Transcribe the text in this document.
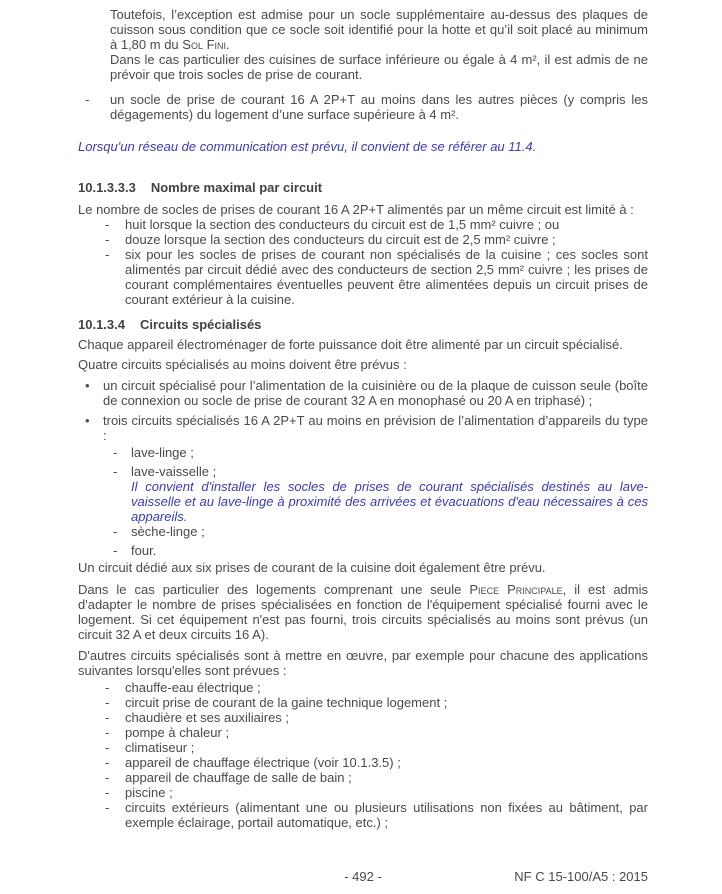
Toutefois, l’exception est admise pour un socle supplémentaire au-dessus des plaques de cuisson sous condition que ce socle soit identifié pour la hotte et qu’il soit placé au minimum à 1,80 m du Sol Fini.

Dans le cas particulier des cuisines de surface inférieure ou égale à 4 m², il est admis de ne prévoir que trois socles de prise de courant.

-	un socle de prise de courant 16 A 2P+T au moins dans les autres pièces (y compris les dégagements) du logement d’une surface supérieure à 4 m².

Lorsqu'un réseau de communication est prévu, il convient de se référer au 11.4.

10.1.3.3.3 Nombre maximal par circuit

Le nombre de socles de prises de courant 16 A 2P+T alimentés par un même circuit est limité à :

-	huit lorsque la section des conducteurs du circuit est de 1,5 mm² cuivre ; ou
-	douze lorsque la section des conducteurs du circuit est de 2,5 mm² cuivre ;
-	six pour les socles de prises de courant non spécialisés de la cuisine ; ces socles sont alimentés par circuit dédié avec des conducteurs de section 2,5 mm² cuivre ; les prises de courant complémentaires éventuelles peuvent être alimentées depuis un circuit prises de courant extérieur à la cuisine.

10.1.3.4 Circuits spécialisés

Chaque appareil électroménager de forte puissance doit être alimenté par un circuit spécialisé.

Quatre circuits spécialisés au moins doivent être prévus :

•	un circuit spécialisé pour l’alimentation de la cuisinière ou de la plaque de cuisson seule (boîte de connexion ou socle de prise de courant 32 A en monophasé ou 20 A en triphasé) ;
•	trois circuits spécialisés 16 A 2P+T au moins en prévision de l’alimentation d’appareils du type :
-	lave-linge ;
-	lave-vaisselle ;

Il convient d'installer les socles de prises de courant spécialisés destinés au lave-vaisselle et au lave-linge à proximité des arrivées et évacuations d'eau nécessaires à ces appareils.

-	sèche-linge ;
-	four.

Un circuit dédié aux six prises de courant de la cuisine doit également être prévu.

Dans le cas particulier des logements comprenant une seule Piece Principale, il est admis d'adapter le nombre de prises spécialisées en fonction de l'équipement spécialisé fourni avec le logement. Si cet équipement n'est pas fourni, trois circuits spécialisés au moins sont prévus (un circuit 32 A et deux circuits 16 A).

D'autres circuits spécialisés sont à mettre en œuvre, par exemple pour chacune des applications suivantes lorsqu'elles sont prévues :

-	chauffe-eau électrique ;
-	circuit prise de courant de la gaine technique logement ;
-	chaudière et ses auxiliaires ;
-	pompe à chaleur ;
-	climatiseur ;
-	appareil de chauffage électrique (voir 10.1.3.5) ;
-	appareil de chauffage de salle de bain ;
-	piscine ;
-	circuits extérieurs (alimentant une ou plusieurs utilisations non fixées au bâtiment, par exemple éclairage, portail automatique, etc.) ;
- 492 -	NF C 15-100/A5 : 2015
